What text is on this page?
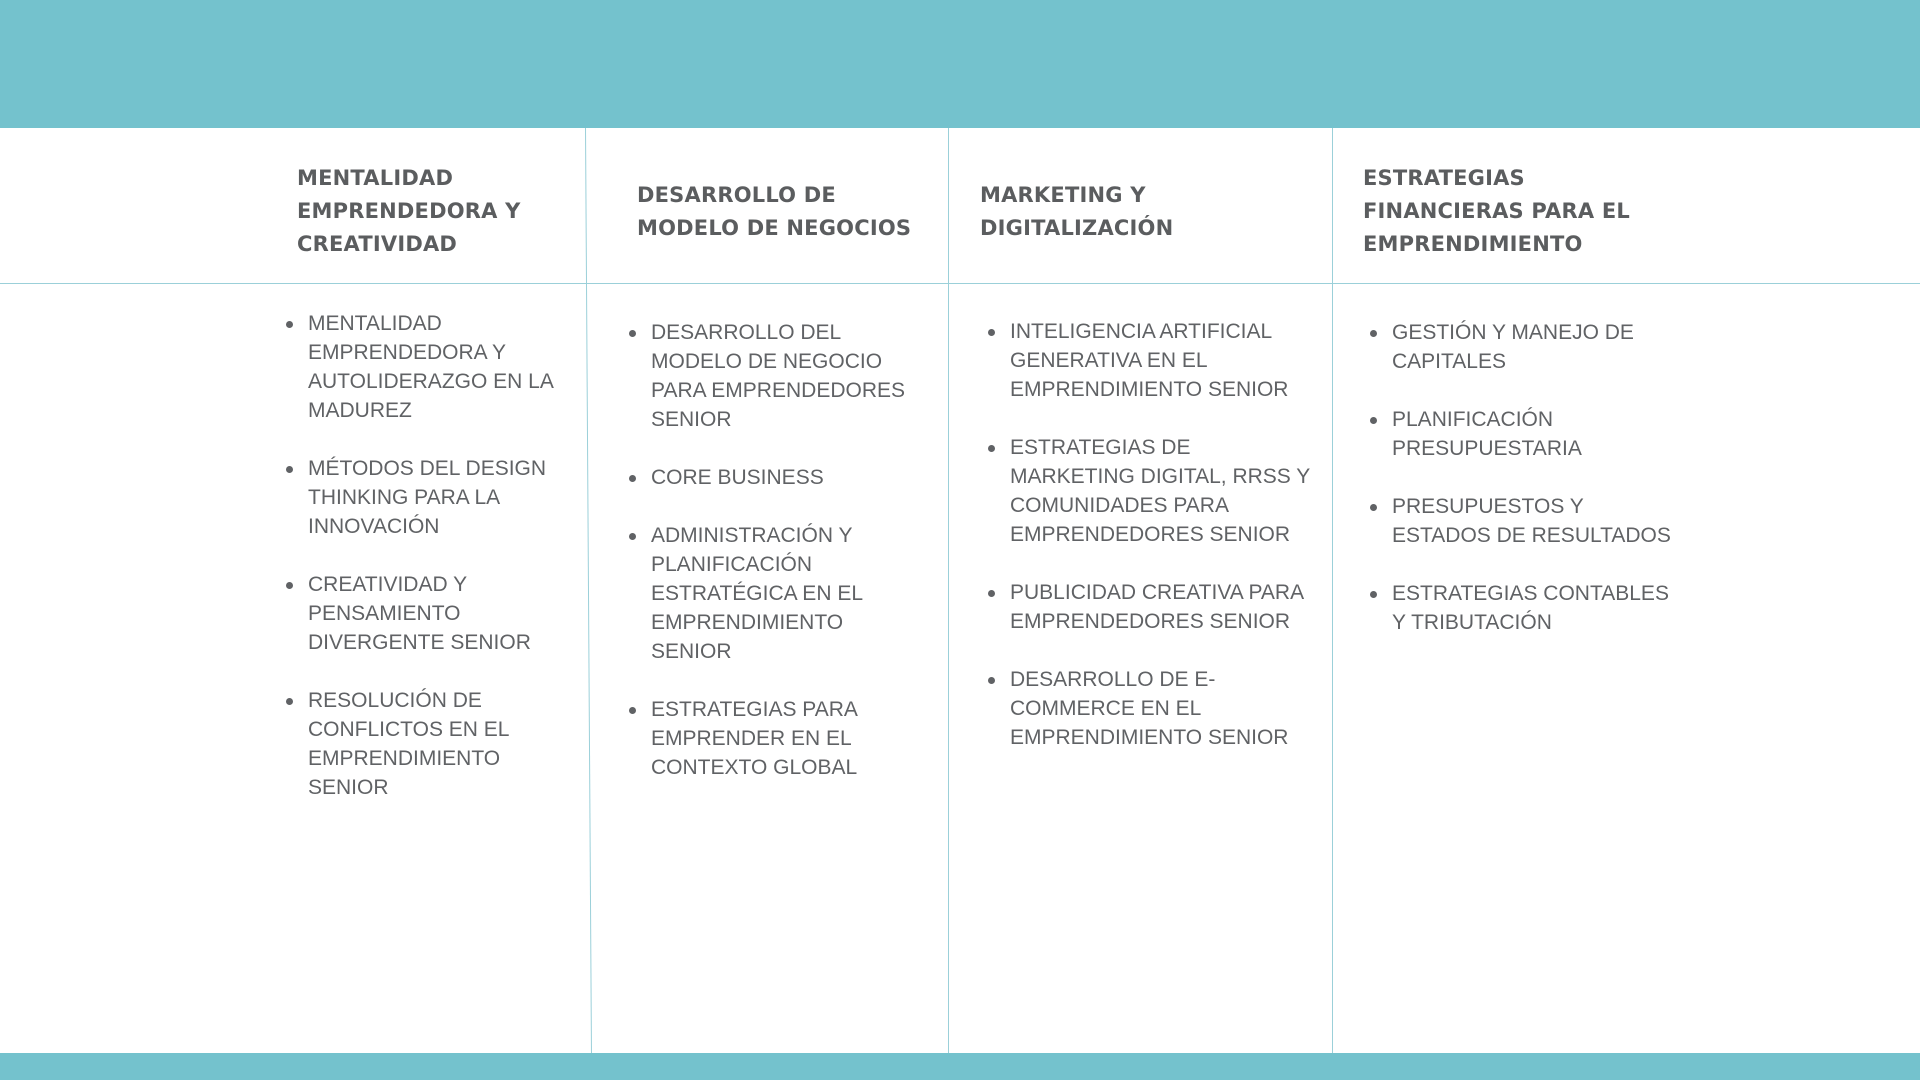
MENTALIDAD EMPRENDEDORA Y CREATIVIDAD
MENTALIDAD EMPRENDEDORA Y AUTOLIDERAZGO EN LA MADUREZ
MÉTODOS DEL DESIGN THINKING PARA LA INNOVACIÓN
CREATIVIDAD Y PENSAMIENTO DIVERGENTE SENIOR
RESOLUCIÓN DE CONFLICTOS EN EL EMPRENDIMIENTO SENIOR
DESARROLLO DE MODELO DE NEGOCIOS
DESARROLLO DEL MODELO DE NEGOCIO PARA EMPRENDEDORES SENIOR
CORE BUSINESS
ADMINISTRACIÓN Y PLANIFICACIÓN ESTRATÉGICA EN EL EMPRENDIMIENTO SENIOR
ESTRATEGIAS PARA EMPRENDER EN EL CONTEXTO GLOBAL
MARKETING Y DIGITALIZACIÓN
INTELIGENCIA ARTIFICIAL GENERATIVA EN EL EMPRENDIMIENTO SENIOR
ESTRATEGIAS DE MARKETING DIGITAL, RRSS Y COMUNIDADES PARA EMPRENDEDORES SENIOR
PUBLICIDAD CREATIVA PARA EMPRENDEDORES SENIOR
DESARROLLO DE E-COMMERCE EN EL EMPRENDIMIENTO SENIOR
ESTRATEGIAS FINANCIERAS PARA EL EMPRENDIMIENTO
GESTIÓN Y MANEJO DE CAPITALES
PLANIFICACIÓN PRESUPUESTARIA
PRESUPUESTOS Y ESTADOS DE RESULTADOS
ESTRATEGIAS CONTABLES Y TRIBUTACIÓN
